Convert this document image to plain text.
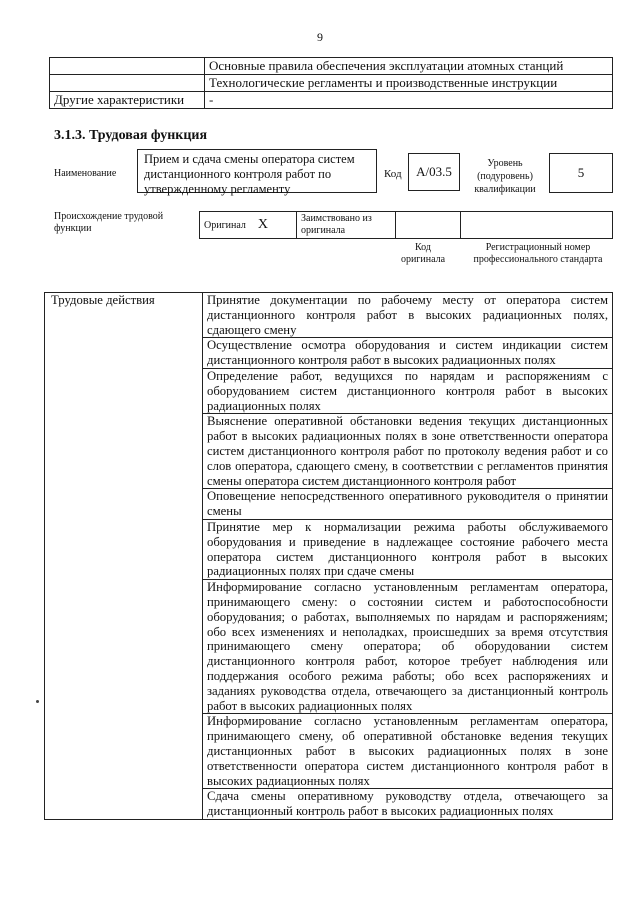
9
	Основные правила обеспечения эксплуатации атомных станций
	Технологические регламенты и производственные инструкции
Другие характеристики	-
3.1.3. Трудовая функция
Наименование
Прием и сдача смены оператора систем дистанционного контроля работ по утвержденному регламенту
Код	А/03.5
Уровень (подуровень) квалификации
5
Происхождение трудовой функции	Оригинал X	Заимствовано из оригинала		
Код оригинала
Регистрационный номер профессионального стандарта
Трудовые действия	Принятие документации по рабочему месту от оператора систем дистанционного контроля работ в высоких радиационных полях, сдающего смену
Осуществление осмотра оборудования и систем индикации систем дистанционного контроля работ в высоких радиационных полях
Определение работ, ведущихся по нарядам и распоряжениям с оборудованием систем дистанционного контроля работ в высоких радиационных полях
Выяснение оперативной обстановки ведения текущих дистанционных работ в высоких радиационных полях в зоне ответственности оператора систем дистанционного контроля работ по протоколу ведения работ и со слов оператора, сдающего смену, в соответствии с регламентов принятия смены оператора систем дистанционного контроля работ
Оповещение непосредственного оперативного руководителя о принятии смены
Принятие мер к нормализации режима работы обслуживаемого оборудования и приведение в надлежащее состояние рабочего места оператора систем дистанционного контроля работ в высоких радиационных полях при сдаче смены
Информирование согласно установленным регламентам оператора, принимающего смену: о состоянии систем и работоспособности оборудования; о работах, выполняемых по нарядам и распоряжениям; обо всех изменениях и неполадках, происшедших за время отсутствия принимающего смену оператора; об оборудовании систем дистанционного контроля работ, которое требует наблюдения или поддержания особого режима работы; обо всех распоряжениях и заданиях руководства отдела, отвечающего за дистанционный контроль работ в высоких радиационных полях
Информирование согласно установленным регламентам оператора, принимающего смену, об оперативной обстановке ведения текущих дистанционных работ в высоких радиационных полях в зоне ответственности оператора систем дистанционного контроля работ в высоких радиационных полях
Сдача смены оперативному руководству отдела, отвечающего за дистанционный контроль работ в высоких радиационных полях
